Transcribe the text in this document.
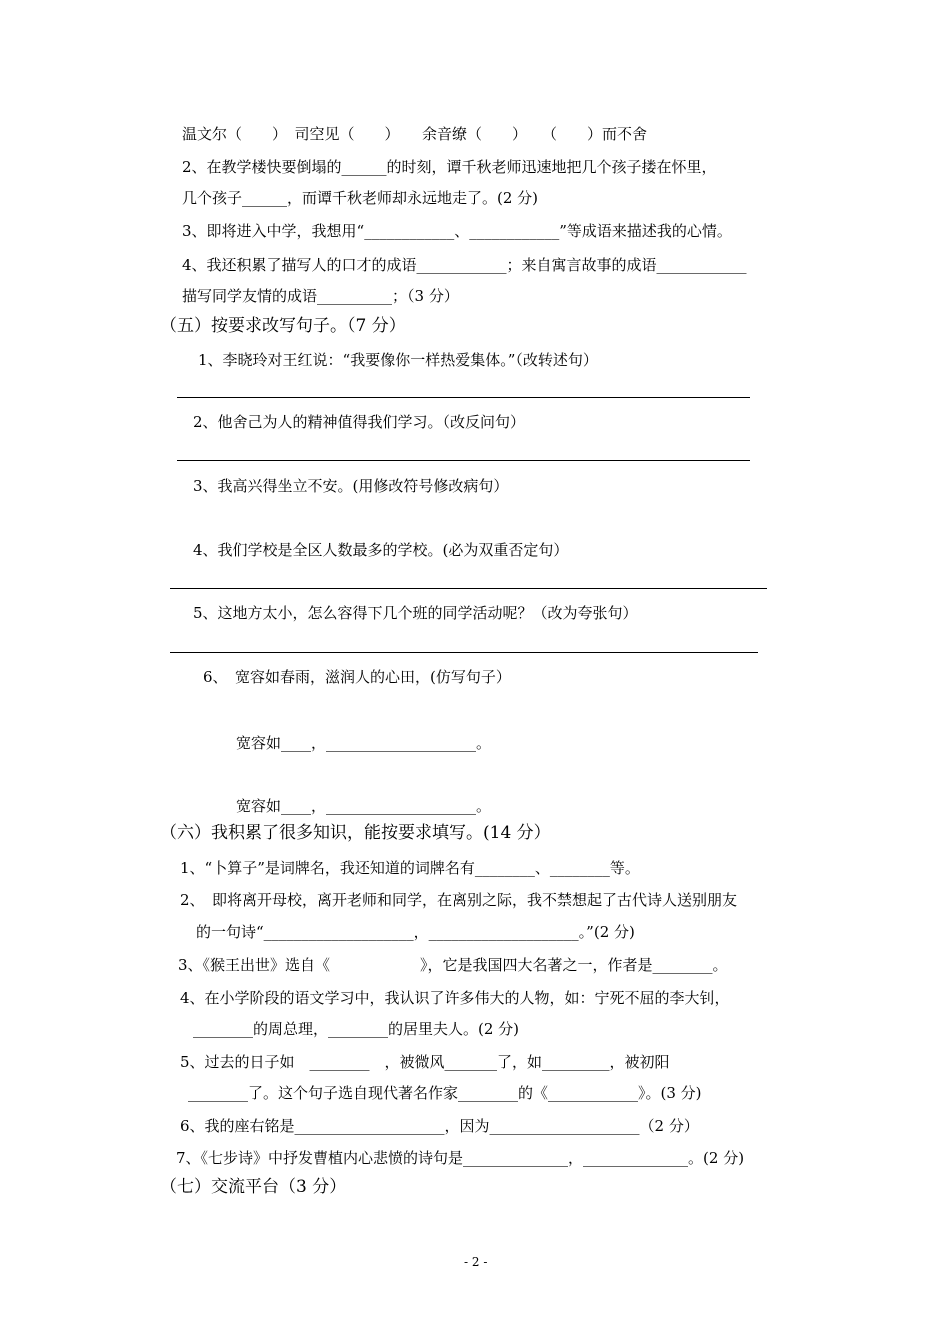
温文尔（　　）　司空见（　　）　　余音缭（　　）　　（　　）而不舍
2、在教学楼快要倒塌的______的时刻，谭千秋老师迅速地把几个孩子搂在怀里，
几个孩子______，而谭千秋老师却永远地走了。(2 分)
3、即将进入中学，我想用“____________、____________”等成语来描述我的心情。
4、我还积累了描写人的口才的成语____________；来自寓言故事的成语____________
描写同学友情的成语__________；（3 分）
（五）按要求改写句子。（7 分）
1、李晓玲对王红说：“我要像你一样热爱集体。”（改转述句）
2、他舍己为人的精神值得我们学习。（改反问句）
3、我高兴得坐立不安。(用修改符号修改病句）
4、我们学校是全区人数最多的学校。(必为双重否定句）
5、这地方太小，怎么容得下几个班的同学活动呢？（改为夸张句）
6、　宽容如春雨，滋润人的心田，(仿写句子）
宽容如____，____________________。
宽容如____，____________________。
（六）我积累了很多知识，能按要求填写。(14 分）
1、“卜算子”是词牌名，我还知道的词牌名有________、________等。
2、　即将离开母校，离开老师和同学，在离别之际，我不禁想起了古代诗人送别朋友
的一句诗“____________________，____________________。”(2 分)
3、《猴王出世》选自《　　　　　　》，它是我国四大名著之一，作者是________。
4、在小学阶段的语文学习中，我认识了许多伟大的人物，如：宁死不屈的李大钊，
________的周总理，________的居里夫人。(2 分)
5、过去的日子如　________　，被微风_______了，如_________，被初阳
________了。这个句子选自现代著名作家________的《____________》。(3 分)
6、我的座右铭是____________________，因为____________________（2 分）
7、《七步诗》中抒发曹植内心悲愤的诗句是______________，______________。(2 分)
（七）交流平台（3 分）
- 2 -
